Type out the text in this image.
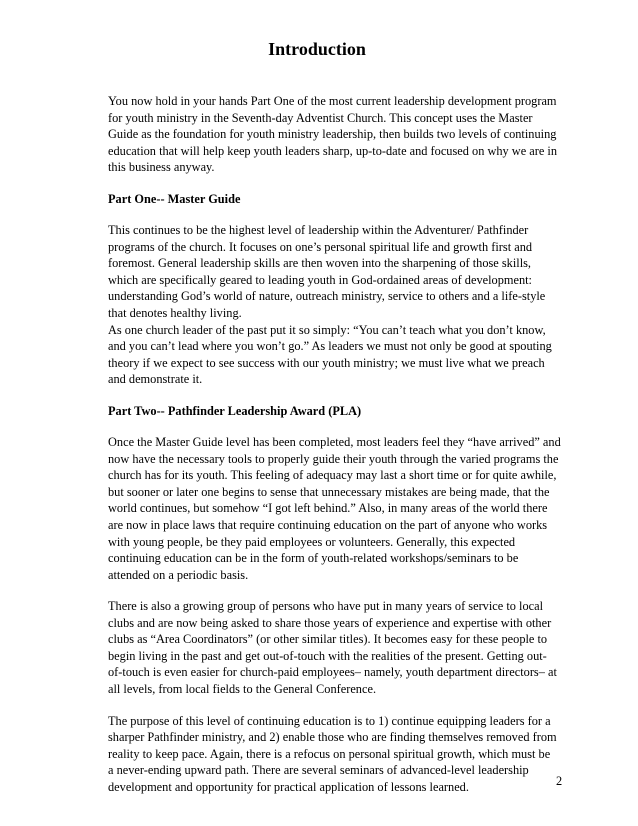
Introduction

You now hold in your hands Part One of the most current leadership development program
for youth ministry in the Seventh-day Adventist Church. This concept uses the Master
Guide as the foundation for youth ministry leadership, then builds two levels of continuing
education that will help keep youth leaders sharp, up-to-date and focused on why we are in
this business anyway.

Part One-- Master Guide

This continues to be the highest level of leadership within the Adventurer/ Pathfinder
programs of the church. It focuses on one’s personal spiritual life and growth first and
foremost. General leadership skills are then woven into the sharpening of those skills,
which are specifically geared to leading youth in God-ordained areas of development:
understanding God’s world of nature, outreach ministry, service to others and a life-style
that denotes healthy living.
As one church leader of the past put it so simply: “You can’t teach what you don’t know,
and you can’t lead where you won’t go.” As leaders we must not only be good at spouting
theory if we expect to see success with our youth ministry; we must live what we preach
and demonstrate it.

Part Two-- Pathfinder Leadership Award (PLA)

Once the Master Guide level has been completed, most leaders feel they “have arrived” and
now have the necessary tools to properly guide their youth through the varied programs the
church has for its youth. This feeling of adequacy may last a short time or for quite awhile,
but sooner or later one begins to sense that unnecessary mistakes are being made, that the
world continues, but somehow “I got left behind.” Also, in many areas of the world there
are now in place laws that require continuing education on the part of anyone who works
with young people, be they paid employees or volunteers. Generally, this expected
continuing education can be in the form of youth-related workshops/seminars to be
attended on a periodic basis.

There is also a growing group of persons who have put in many years of service to local
clubs and are now being asked to share those years of experience and expertise with other
clubs as “Area Coordinators” (or other similar titles). It becomes easy for these people to
begin living in the past and get out-of-touch with the realities of the present. Getting out-
of-touch is even easier for church-paid employees– namely, youth department directors– at
all levels, from local fields to the General Conference.

The purpose of this level of continuing education is to 1) continue equipping leaders for a
sharper Pathfinder ministry, and 2) enable those who are finding themselves removed from
reality to keep pace. Again, there is a refocus on personal spiritual growth, which must be
a never-ending upward path. There are several seminars of advanced-level leadership
development and opportunity for practical application of lessons learned.	2
